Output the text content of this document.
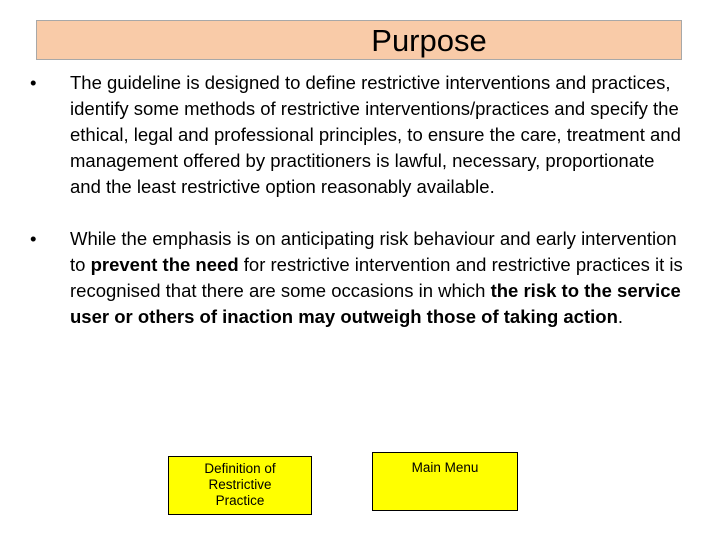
Purpose
• The guideline is designed to define restrictive interventions and practices, identify some methods of restrictive interventions/practices and specify the ethical, legal and professional principles, to ensure the care, treatment and management offered by practitioners is lawful, necessary, proportionate and the least restrictive option reasonably available.
• While the emphasis is on anticipating risk behaviour and early intervention to prevent the need for restrictive intervention and restrictive practices it is recognised that there are some occasions in which the risk to the service user or others of inaction may outweigh those of taking action.
Definition of
Restrictive
Practice
Main Menu
